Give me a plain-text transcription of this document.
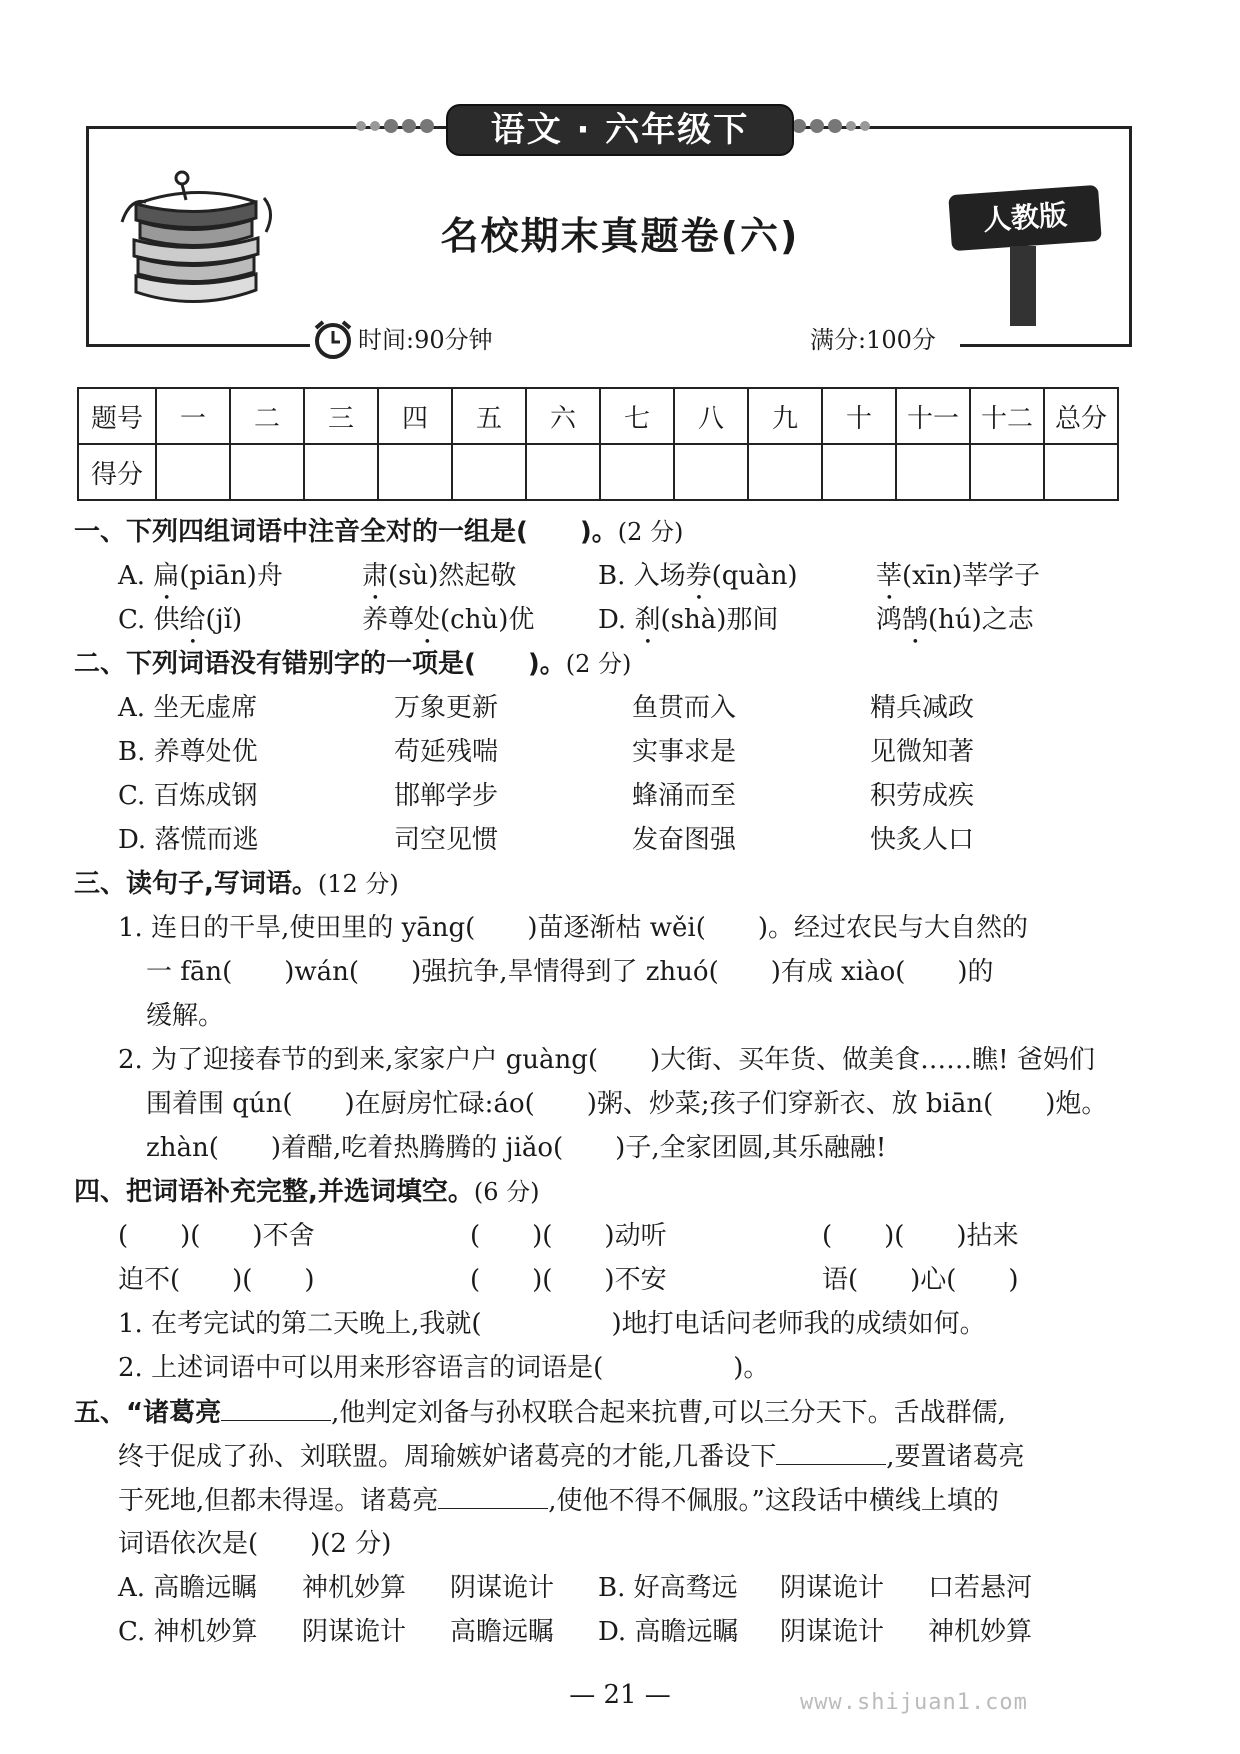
语文 · 六年级下
名校期末真题卷(六)	人教版
时间:90分钟	满分:100分
题号	一	二	三	四	五	六	七	八	九	十	十一	十二	总分
得分													
一、下列四组词语中注音全对的一组是(　　)。(2 分)
A. 扁(piān)舟	肃(sù)然起敬	B. 入场券(quàn)	莘(xīn)莘学子
C. 供给(jǐ)	养尊处(chù)优 D. 刹(shà)那间	鸿鹄(hú)之志
二、下列词语没有错别字的一项是(　　)。(2 分)
A. 坐无虚席	万象更新	鱼贯而入	精兵减政
B. 养尊处优	苟延残喘	实事求是	见微知著
C. 百炼成钢	邯郸学步	蜂涌而至	积劳成疾
D. 落慌而逃	司空见惯	发奋图强	快炙人口
三、读句子,写词语。(12 分)
1. 连日的干旱,使田里的 yāng(　　)苗逐渐枯 wěi(　　)。经过农民与大自然的
一 fān(　　)wán(　　)强抗争,旱情得到了 zhuó(　　)有成 xiào(　　)的
缓解。
2. 为了迎接春节的到来,家家户户 guàng(　　)大街、买年货、做美食……瞧! 爸妈们
围着围 qún(　　)在厨房忙碌:áo(　　)粥、炒菜;孩子们穿新衣、放 biān(　　)炮。
zhàn(　　)着醋,吃着热腾腾的 jiǎo(　　)子,全家团圆,其乐融融!
四、把词语补充完整,并选词填空。(6 分)
(　　)(　　)不舍	(　　)(　　)动听	(　　)(　　)拈来
迫不(　　)(　　)	(　　)(　　)不安	语(　　)心(　　)
1. 在考完试的第二天晚上,我就(　　　　　)地打电话问老师我的成绩如何。
2. 上述词语中可以用来形容语言的词语是(　　　　　)。
五、“诸葛亮	,他判定刘备与孙权联合起来抗曹,可以三分天下。舌战群儒,
终于促成了孙、刘联盟。周瑜嫉妒诸葛亮的才能,几番设下	,要置诸葛亮
于死地,但都未得逞。诸葛亮	,使他不得不佩服。”这段话中横线上填的
词语依次是(　　)(2 分)
A. 高瞻远瞩 神机妙算 阴谋诡计 B. 好高骛远 阴谋诡计 口若悬河
C. 神机妙算 阴谋诡计 高瞻远瞩 D. 高瞻远瞩 阴谋诡计 神机妙算
— 21 —	www.shijuan1.com
